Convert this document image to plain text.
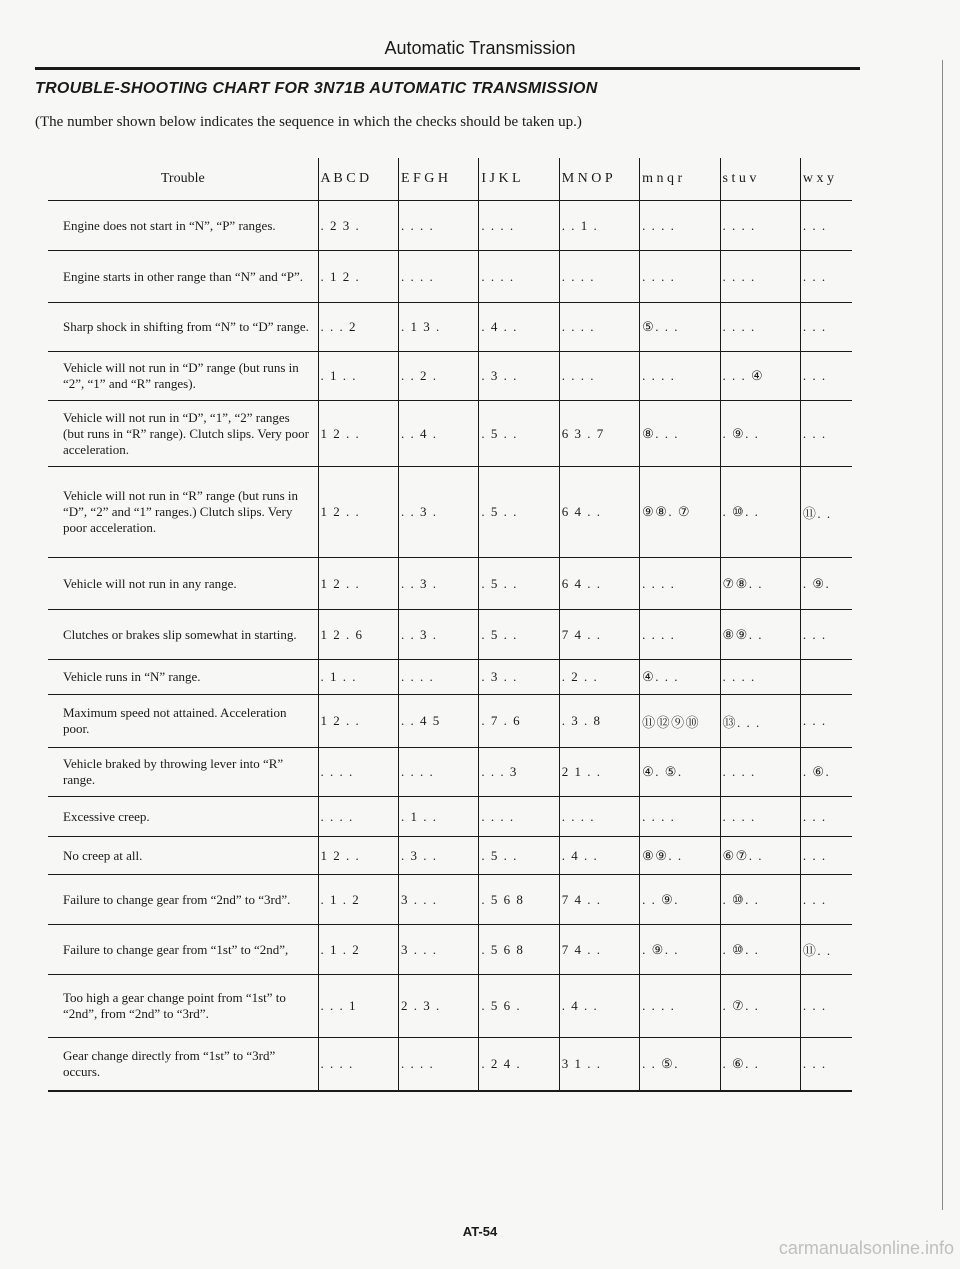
Automatic Transmission
TROUBLE-SHOOTING CHART FOR 3N71B AUTOMATIC TRANSMISSION
(The number shown below indicates the sequence in which the checks should be taken up.)
Trouble	A B C D	E F G H	I J K L	M N O P	m n q r	s t u v	w x y
Engine does not start in “N”, “P” ranges.	. 2 3 .	. . . .	. . . .	. . 1 .	. . . .	. . . .	. . .
Engine starts in other range than “N” and “P”.	. 1 2 .	. . . .	. . . .	. . . .	. . . .	. . . .	. . .
Sharp shock in shifting from “N” to “D” range.	. . . 2	. 1 3 .	. 4 . .	. . . .	⑤. . .	. . . .	. . .
Vehicle will not run in “D” range (but runs in “2”, “1” and “R” ranges).	. 1 . .	. . 2 .	. 3 . .	. . . .	. . . .	. . . ④	. . .
Vehicle will not run in “D”, “1”, “2” ranges (but runs in “R” range). Clutch slips. Very poor acceleration.	1 2 . .	. . 4 .	. 5 . .	6 3 . 7	⑧. . .	. ⑨. .	. . .
Vehicle will not run in “R” range (but runs in “D”, “2” and “1” ranges.) Clutch slips. Very poor acceleration.	1 2 . .	. . 3 .	. 5 . .	6 4 . .	⑨⑧. ⑦	. ⑩. .	⑪. .
Vehicle will not run in any range.	1 2 . .	. . 3 .	. 5 . .	6 4 . .	. . . .	⑦⑧. .	. ⑨.
Clutches or brakes slip somewhat in starting.	1 2 . 6	. . 3 .	. 5 . .	7 4 . .	. . . .	⑧⑨. .	. . .
Vehicle runs in “N” range.	. 1 . .	. . . .	. 3 . .	. 2 . .	④. . .	. . . .	
Maximum speed not attained. Acceleration poor.	1 2 . .	. . 4 5	. 7 . 6	. 3 . 8	⑪⑫⑨⑩	⑬. . .	. . .
Vehicle braked by throwing lever into “R” range.	. . . .	. . . .	. . . 3	2 1 . .	④. ⑤.	. . . .	. ⑥.
Excessive creep.	. . . .	. 1 . .	. . . .	. . . .	. . . .	. . . .	. . .
No creep at all.	1 2 . .	. 3 . .	. 5 . .	. 4 . .	⑧⑨. .	⑥⑦. .	. . .
Failure to change gear from “2nd” to “3rd”.	. 1 . 2	3 . . .	. 5 6 8	7 4 . .	. . ⑨.	. ⑩. .	. . .
Failure to change gear from “1st” to “2nd”,	. 1 . 2	3 . . .	. 5 6 8	7 4 . .	. ⑨. .	. ⑩. .	⑪. .
Too high a gear change point from “1st” to “2nd”, from “2nd” to “3rd”.	. . . 1	2 . 3 .	. 5 6 .	. 4 . .	. . . .	. ⑦. .	. . .
Gear change directly from “1st” to “3rd” occurs.	. . . .	. . . .	. 2 4 .	3 1 . .	. . ⑤.	. ⑥. .	. . .
AT-54
carmanualsonline.info
